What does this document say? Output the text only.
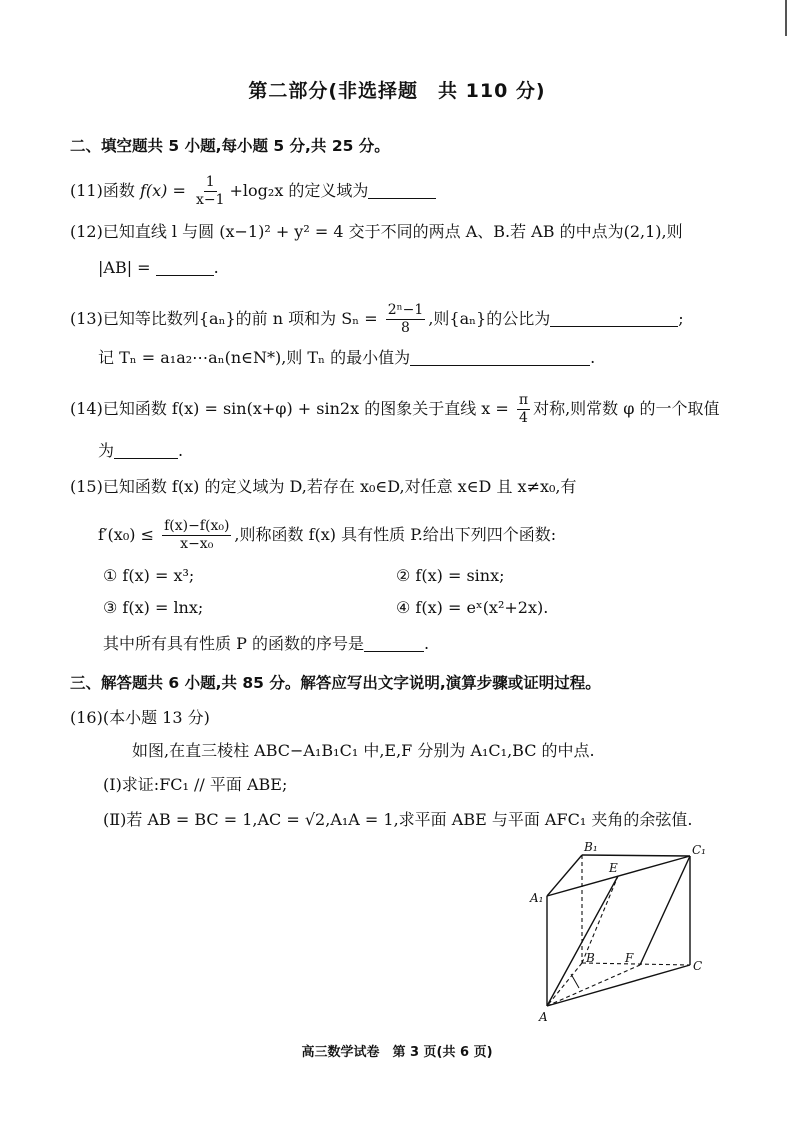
第二部分(非选择题　共 110 分)
二、填空题共 5 小题,每小题 5 分,共 25 分。
(11)函数 $f(x) = \frac{1}{x-1} +\log_2x$ 的定义域为
(12)已知直线 l 与圆 (x−1)² + y² = 4 交于不同的两点 A、B.若 AB 的中点为(2,1),则
|AB| =	.
(13)已知等比数列{aₙ}的前 n 项和为 $S_n = \frac{\text{2ⁿ−1}}{8}$ ,则{aₙ}的公比为	;
记 Tₙ = a₁a₂⋯aₙ(n∈N*),则 Tₙ 的最小值为	.
(14)已知函数 f(x) = sin(x+φ) + sin2x 的图象关于直线 $x = \frac{\pi}{4}$ 对称,则常数 φ 的一个取值
为	.
(15)已知函数 f(x) 的定义域为 D,若存在 x₀∈D,对任意 x∈D 且 x≠x₀,有
$f'(x_0) \le \frac{\text{f(x)−f(x₀)}}{\text{x−x₀}}$ ,则称函数 f(x) 具有性质 P.给出下列四个函数:
① f(x) = x³;	② f(x) = sinx;
③ f(x) = lnx;	④ f(x) = eˣ(x²+2x).
其中所有具有性质 P 的函数的序号是	.
三、解答题共 6 小题,共 85 分。解答应写出文字说明,演算步骤或证明过程。
(16)(本小题 13 分)
如图,在直三棱柱 ABC−A₁B₁C₁ 中,E,F 分别为 A₁C₁,BC 的中点.
(Ⅰ)求证:FC₁ // 平面 ABE;
(Ⅱ)若 AB = BC = 1,AC = √2,A₁A = 1,求平面 ABE 与平面 AFC₁ 夹角的余弦值.
B₁	C₁
A₁
E
B	F
C
A
高三数学试卷　第 3 页(共 6 页)
